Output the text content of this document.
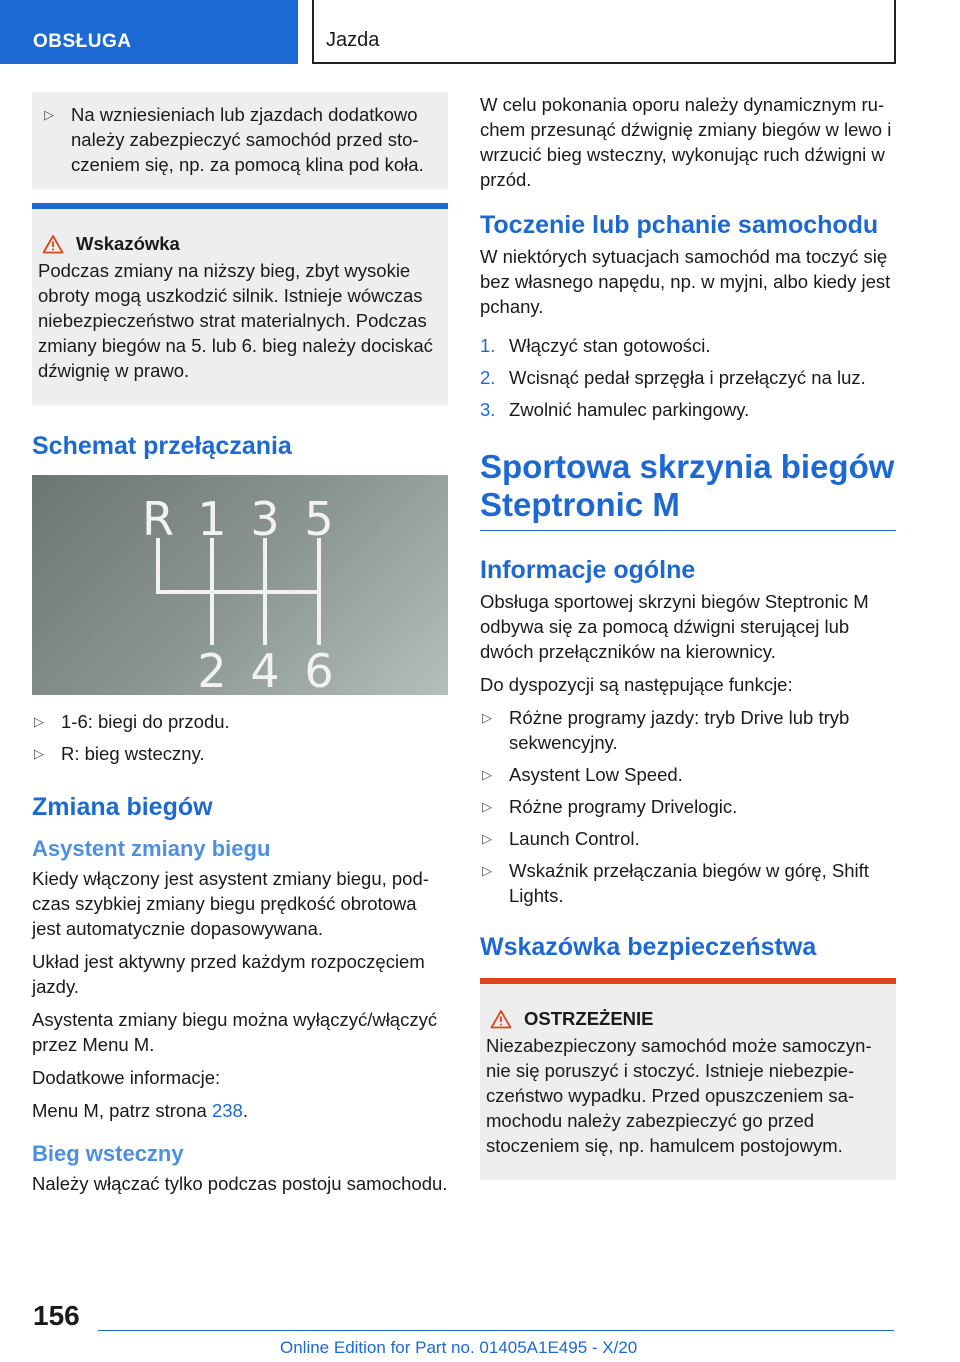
OBSŁUGA	Jazda
▷ Na wzniesieniach lub zjazdach dodatkowo należy zabezpieczyć samochód przed stoczeniem się, np. za pomocą klina pod koła.
Wskazówka

Podczas zmiany na niższy bieg, zbyt wysokie obroty mogą uszkodzić silnik. Istnieje wówczas niebezpieczeństwo strat materialnych. Podczas zmiany biegów na 5. lub 6. bieg należy dociskać dźwignię w prawo.

Schemat przełączania
R 1 3 5
2 4 6
▷ 1-6: biegi do przodu.
▷ R: bieg wsteczny.
Zmiana biegów
Asystent zmiany biegu

Kiedy włączony jest asystent zmiany biegu, podczas szybkiej zmiany biegu prędkość obrotowa jest automatycznie dopasowywana.

Układ jest aktywny przed każdym rozpoczęciem jazdy.

Asystenta zmiany biegu można wyłączyć/włączyć przez Menu M.

Dodatkowe informacje:

Menu M, patrz strona 238.

Bieg wsteczny

Należy włączać tylko podczas postoju samochodu.

W celu pokonania oporu należy dynamicznym ruchem przesunąć dźwignię zmiany biegów w lewo i wrzucić bieg wsteczny, wykonując ruch dźwigni w przód.

Toczenie lub pchanie samochodu

W niektórych sytuacjach samochód ma toczyć się bez własnego napędu, np. w myjni, albo kiedy jest pchany.

1. Włączyć stan gotowości.
2. Wcisnąć pedał sprzęgła i przełączyć na luz.
3. Zwolnić hamulec parkingowy.
Sportowa skrzynia biegów Steptronic M
Informacje ogólne

Obsługa sportowej skrzyni biegów Steptronic M odbywa się za pomocą dźwigni sterującej lub dwóch przełączników na kierownicy.

Do dyspozycji są następujące funkcje:

▷ Różne programy jazdy: tryb Drive lub tryb sekwencyjny.
▷ Asystent Low Speed.
▷ Różne programy Drivelogic.
▷ Launch Control.
▷ Wskaźnik przełączania biegów w górę, Shift Lights.
Wskazówka bezpieczeństwa
OSTRZEŻENIE

Niezabezpieczony samochód może samoczynnie się poruszyć i stoczyć. Istnieje niebezpieczeństwo wypadku. Przed opuszczeniem samochodu należy zabezpieczyć go przed stoczeniem się, np. hamulcem postojowym.

156
Online Edition for Part no. 01405A1E495 - X/20
